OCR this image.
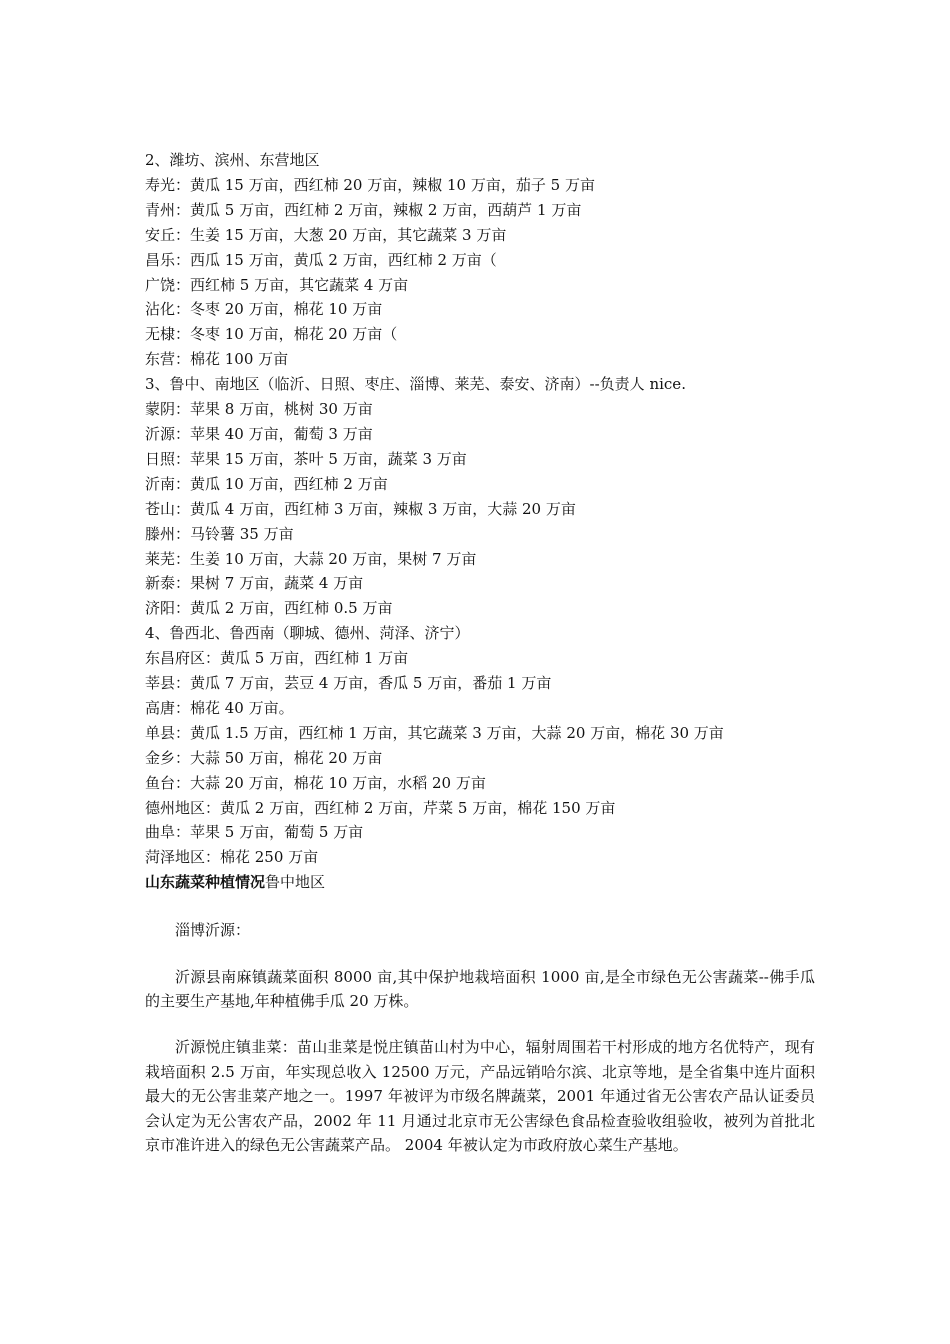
2、潍坊、滨州、东营地区
寿光：黄瓜 15 万亩，西红柿 20 万亩，辣椒 10 万亩，茄子 5 万亩
青州：黄瓜 5 万亩，西红柿 2 万亩，辣椒 2 万亩，西葫芦 1 万亩
安丘：生姜 15 万亩，大葱 20 万亩，其它蔬菜 3 万亩
昌乐：西瓜 15 万亩，黄瓜 2 万亩，西红柿 2 万亩（
广饶：西红柿 5 万亩，其它蔬菜 4 万亩
沾化：冬枣 20 万亩，棉花 10 万亩
无棣：冬枣 10 万亩，棉花 20 万亩（
东营：棉花 100 万亩
3、鲁中、南地区（临沂、日照、枣庄、淄博、莱芜、泰安、济南）--负责人 nice.
蒙阴：苹果 8 万亩，桃树 30 万亩
沂源：苹果 40 万亩，葡萄 3 万亩
日照：苹果 15 万亩，茶叶 5 万亩，蔬菜 3 万亩
沂南：黄瓜 10 万亩，西红柿 2 万亩
苍山：黄瓜 4 万亩，西红柿 3 万亩，辣椒 3 万亩，大蒜 20 万亩
滕州：马铃薯 35 万亩
莱芜：生姜 10 万亩，大蒜 20 万亩，果树 7 万亩
新泰：果树 7 万亩，蔬菜 4 万亩
济阳：黄瓜 2 万亩，西红柿 0.5 万亩
4、鲁西北、鲁西南（聊城、德州、菏泽、济宁）
东昌府区：黄瓜 5 万亩，西红柿 1 万亩
莘县：黄瓜 7 万亩，芸豆 4 万亩，香瓜 5 万亩，番茄 1 万亩
高唐：棉花 40 万亩。
单县：黄瓜 1.5 万亩，西红柿 1 万亩，其它蔬菜 3 万亩，大蒜 20 万亩，棉花 30 万亩
金乡：大蒜 50 万亩，棉花 20 万亩
鱼台：大蒜 20 万亩，棉花 10 万亩，水稻 20 万亩
德州地区：黄瓜 2 万亩，西红柿 2 万亩，芹菜 5 万亩，棉花 150 万亩
曲阜：苹果 5 万亩，葡萄 5 万亩
菏泽地区：棉花 250 万亩
山东蔬菜种植情况鲁中地区
淄博沂源：
沂源县南麻镇蔬菜面积 8000 亩,其中保护地栽培面积 1000 亩,是全市绿色无公害蔬菜--佛手瓜的主要生产基地,年种植佛手瓜 20 万株。
沂源悦庄镇韭菜：苗山韭菜是悦庄镇苗山村为中心，辐射周围若干村形成的地方名优特产，现有栽培面积 2.5 万亩，年实现总收入 12500 万元，产品远销哈尔滨、北京等地，是全省集中连片面积最大的无公害韭菜产地之一。1997 年被评为市级名牌蔬菜，2001 年通过省无公害农产品认证委员会认定为无公害农产品，2002 年 11 月通过北京市无公害绿色食品检查验收组验收，被列为首批北京市准许进入的绿色无公害蔬菜产品。 2004 年被认定为市政府放心菜生产基地。
